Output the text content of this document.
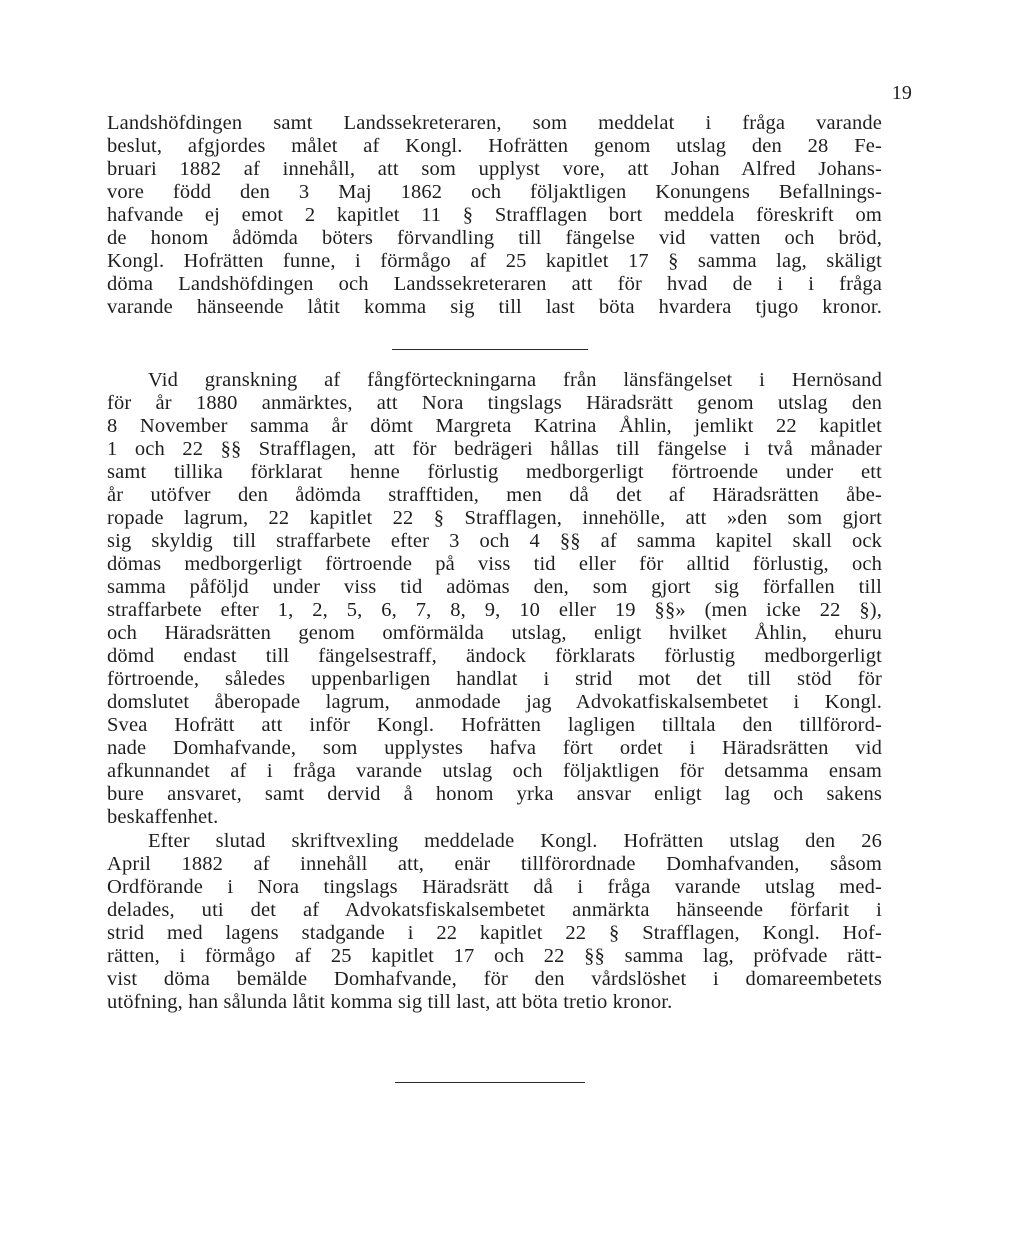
19
Landshöfdingen samt Landssekreteraren, som meddelat i fråga varande
beslut, afgjordes målet af Kongl. Hofrätten genom utslag den 28 Fe-
bruari 1882 af innehåll, att som upplyst vore, att Johan Alfred Johans-
vore född den 3 Maj 1862 och följaktligen Konungens Befallnings-
hafvande ej emot 2 kapitlet 11 § Strafflagen bort meddela föreskrift om
de honom ådömda böters förvandling till fängelse vid vatten och bröd,
Kongl. Hofrätten funne, i förmågo af 25 kapitlet 17 § samma lag, skäligt
döma Landshöfdingen och Landssekreteraren att för hvad de i i fråga
varande hänseende låtit komma sig till last böta hvardera tjugo kronor.
Vid granskning af fångförteckningarna från länsfängelset i Hernösand
för år 1880 anmärktes, att Nora tingslags Häradsrätt genom utslag den
8 November samma år dömt Margreta Katrina Åhlin, jemlikt 22 kapitlet
1 och 22 §§ Strafflagen, att för bedrägeri hållas till fängelse i två månader
samt tillika förklarat henne förlustig medborgerligt förtroende under ett
år utöfver den ådömda strafftiden, men då det af Häradsrätten åbe-
ropade lagrum, 22 kapitlet 22 § Strafflagen, innehölle, att »den som gjort
sig skyldig till straffarbete efter 3 och 4 §§ af samma kapitel skall ock
dömas medborgerligt förtroende på viss tid eller för alltid förlustig, och
samma påföljd under viss tid adömas den, som gjort sig förfallen till
straffarbete efter 1, 2, 5, 6, 7, 8, 9, 10 eller 19 §§» (men icke 22 §),
och Häradsrätten genom omförmälda utslag, enligt hvilket Åhlin, ehuru
dömd endast till fängelsestraff, ändock förklarats förlustig medborgerligt
förtroende, således uppenbarligen handlat i strid mot det till stöd för
domslutet åberopade lagrum, anmodade jag Advokatfiskalsembetet i Kongl.
Svea Hofrätt att inför Kongl. Hofrätten lagligen tilltala den tillförord-
nade Domhafvande, som upplystes hafva fört ordet i Häradsrätten vid
afkunnandet af i fråga varande utslag och följaktligen för detsamma ensam
bure ansvaret, samt dervid å honom yrka ansvar enligt lag och sakens
beskaffenhet.
Efter slutad skriftvexling meddelade Kongl. Hofrätten utslag den 26
April 1882 af innehåll att, enär tillförordnade Domhafvanden, såsom
Ordförande i Nora tingslags Häradsrätt då i fråga varande utslag med-
delades, uti det af Advokatsfiskalsembetet anmärkta hänseende förfarit i
strid med lagens stadgande i 22 kapitlet 22 § Strafflagen, Kongl. Hof-
rätten, i förmågo af 25 kapitlet 17 och 22 §§ samma lag, pröfvade rätt-
vist döma bemälde Domhafvande, för den vårdslöshet i domareembetets
utöfning, han sålunda låtit komma sig till last, att böta tretio kronor.
